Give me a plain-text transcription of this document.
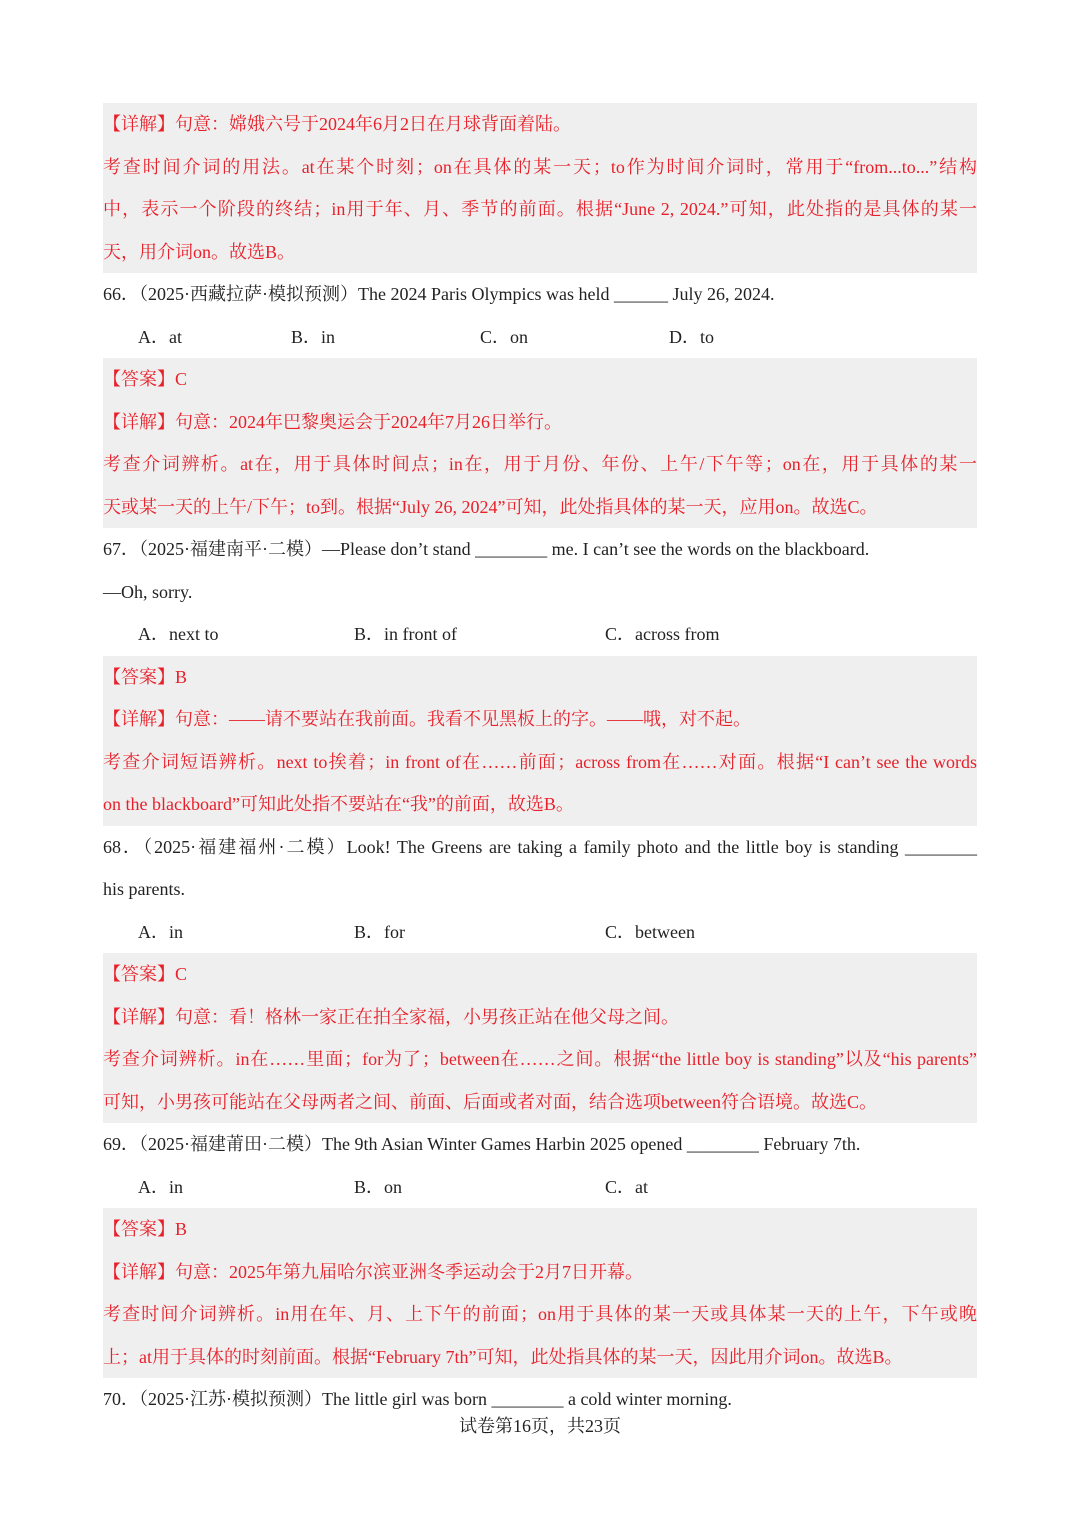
【详解】句意：嫦娥六号于2024年6月2日在月球背面着陆。
考查时间介词的用法。at在某个时刻；on在具体的某一天；to作为时间介词时，常用于“from...to...”结构
中，表示一个阶段的终结；in用于年、月、季节的前面。根据“June 2, 2024.”可知，此处指的是具体的某一
天，用介词on。故选B。
66．（2025·西藏拉萨·模拟预测）The 2024 Paris Olympics was held ______ July 26, 2024.
A．at	B．in	C．on	D．to
【答案】C
【详解】句意：2024年巴黎奥运会于2024年7月26日举行。
考查介词辨析。at在，用于具体时间点；in在，用于月份、年份、上午/下午等；on在，用于具体的某一
天或某一天的上午/下午；to到。根据“July 26, 2024”可知，此处指具体的某一天，应用on。故选C。
67．（2025·福建南平·二模）—Please don’t stand ________ me. I can’t see the words on the blackboard.
—Oh, sorry.
A．next to	B．in front of	C．across from
【答案】B
【详解】句意：——请不要站在我前面。我看不见黑板上的字。——哦，对不起。
考查介词短语辨析。next to挨着；in front of在……前面；across from在……对面。根据“I can’t see the words
on the blackboard”可知此处指不要站在“我”的前面，故选B。
68．（2025·福建福州·二模）Look! The Greens are taking a family photo and the little boy is standing ________
his parents.
A．in	B．for	C．between
【答案】C
【详解】句意：看！格林一家正在拍全家福，小男孩正站在他父母之间。
考查介词辨析。in在……里面；for为了；between在……之间。根据“the little boy is standing”以及“his parents”
可知，小男孩可能站在父母两者之间、前面、后面或者对面，结合选项between符合语境。故选C。
69．（2025·福建莆田·二模）The 9th Asian Winter Games Harbin 2025 opened ________ February 7th.
A．in	B．on	C．at
【答案】B
【详解】句意：2025年第九届哈尔滨亚洲冬季运动会于2月7日开幕。
考查时间介词辨析。in用在年、月、上下午的前面；on用于具体的某一天或具体某一天的上午，下午或晚
上；at用于具体的时刻前面。根据“February 7th”可知，此处指具体的某一天，因此用介词on。故选B。
70．（2025·江苏·模拟预测）The little girl was born ________ a cold winter morning.
试卷第16页，共23页
